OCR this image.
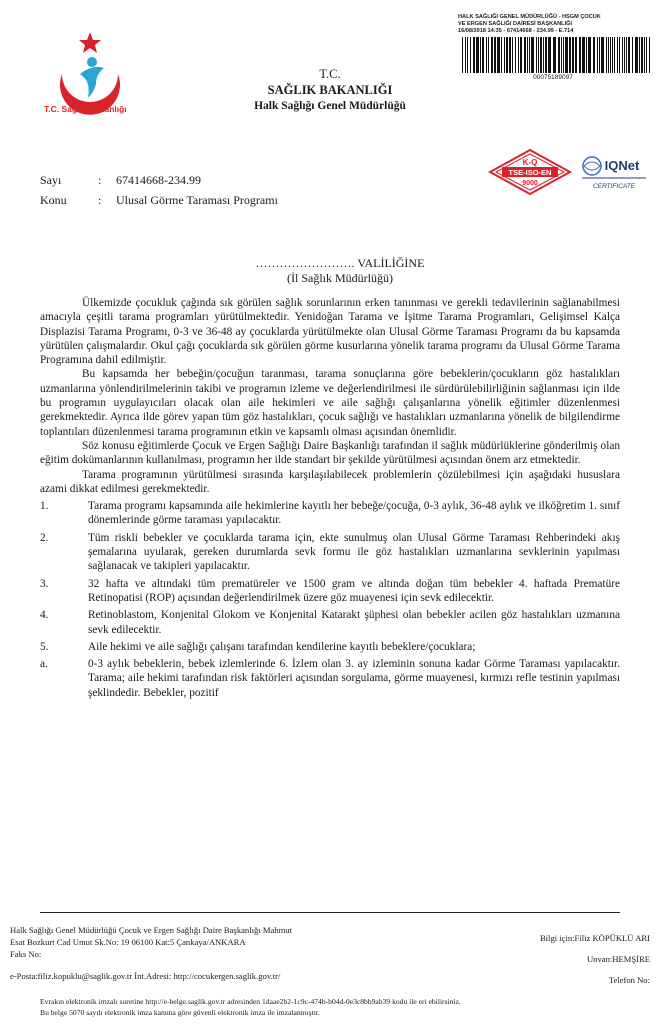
T.C. Sağlık Bakanlığı
T.C.
SAĞLIK BAKANLIĞI
Halk Sağlığı Genel Müdürlüğü
HALK SAĞLIĞI GENEL MÜDÜRLÜĞÜ - HSGM ÇOCUK
VE ERGEN SAĞLIĞI DAİRESİ BAŞKANLIĞI
16/08/2018 14:35 - 67414668 - 234.99 - E.714
00075189097
K-Q
TSE-ISO-EN
9000
IQNet
CERTIFICATE
Sayı	:	67414668-234.99
Konu	:	Ulusal Görme Taraması Programı
……………………. VALİLİĞİNE
(İl Sağlık Müdürlüğü)

Ülkemizde çocukluk çağında sık görülen sağlık sorunlarının erken tanınması ve gerekli tedavilerinin sağlanabilmesi amacıyla çeşitli tarama programları yürütülmektedir. Yenidoğan Tarama ve İşitme Tarama Programları, Gelişimsel Kalça Displazisi Tarama Programı, 0-3 ve 36-48 ay çocuklarda yürütülmekte olan Ulusal Görme Taraması Programı da bu kapsamda yürütülen çalışmalardır. Okul çağı çocuklarda sık görülen görme kusurlarına yönelik tarama programı da Ulusal Görme Tarama Programına dahil edilmiştir.

Bu kapsamda her bebeğin/çocuğun taranması, tarama sonuçlarına göre bebeklerin/çocukların göz hastalıkları uzmanlarına yönlendirilmelerinin takibi ve programın izleme ve değerlendirilmesi ile sürdürülebilirliğinin sağlanması için ilde bu programın uygulayıcıları olacak olan aile hekimleri ve aile sağlığı çalışanlarına yönelik eğitimler düzenlenmesi gerekmektedir. Ayrıca ilde görev yapan tüm göz hastalıkları, çocuk sağlığı ve hastalıkları uzmanlarına yönelik de bilgilendirme toplantıları düzenlenmesi tarama programının etkin ve kapsamlı olması açısından önemlidir.

Söz konusu eğitimlerde Çocuk ve Ergen Sağlığı Daire Başkanlığı tarafından il sağlık müdürlüklerine gönderilmiş olan eğitim dokümanlarının kullanılması, programın her ilde standart bir şekilde yürütülmesi açısından önem arz etmektedir.

Tarama programının yürütülmesi sırasında karşılaşılabilecek problemlerin çözülebilmesi için aşağıdaki hususlara azami dikkat edilmesi gerekmektedir.

1.	Tarama programı kapsamında aile hekimlerine kayıtlı her bebeğe/çocuğa, 0-3 aylık, 36-48 aylık ve ilköğretim 1. sınıf dönemlerinde görme taraması yapılacaktır.
2.	Tüm riskli bebekler ve çocuklarda tarama için, ekte sunulmuş olan Ulusal Görme Taraması Rehberindeki akış şemalarına uyularak, gereken durumlarda sevk formu ile göz hastalıkları uzmanlarına sevklerinin yapılması sağlanacak ve takipleri yapılacaktır.
3.	32 hafta ve altındaki tüm prematüreler ve 1500 gram ve altında doğan tüm bebekler 4. haftada Prematüre Retinopatisi (ROP) açısından değerlendirilmek üzere göz muayenesi için sevk edilecektir.
4.	Retinoblastom, Konjenital Glokom ve Konjenital Katarakt şüphesi olan bebekler acilen göz hastalıkları uzmanına sevk edilecektir.
5.	Aile hekimi ve aile sağlığı çalışanı tarafından kendilerine kayıtlı bebeklere/çocuklara;
a.	0-3 aylık bebeklerin, bebek izlemlerinde 6. İzlem olan 3. ay izleminin sonuna kadar Görme Taraması yapılacaktır. Tarama; aile hekimi tarafından risk faktörleri açısından sorgulama, görme muayenesi, kırmızı refle testinin yapılması şeklindedir. Bebekler, pozitif
Halk Sağlığı Genel Müdürlüğü Çocuk ve Ergen Sağlığı Daire Başkanlığı Mahmut
Esat Bozkurt Cad Umut Sk.No: 19 06100 Kat:5 Çankaya/ANKARA
Faks No:
e-Posta:filiz.kopuklu@saglik.gov.tr İnt.Adresi: http://cocukergen.saglik.gov.tr/
Bilgi için:Filiz KÖPÜKLÜ ARI
Unvan:HEMŞİRE
Telefon No:
Evrakın elektronik imzalı suretine http://e-belge.saglik.gov.tr adresinden 1daae2b2-1c9c-474b-b04d-0e3c8bb9ab39 kodu ile eri ebilirsiniz.
Bu belge 5070 sayılı elektronik imza kanuna göre güvenli elektronik imza ile imzalanmıştır.
